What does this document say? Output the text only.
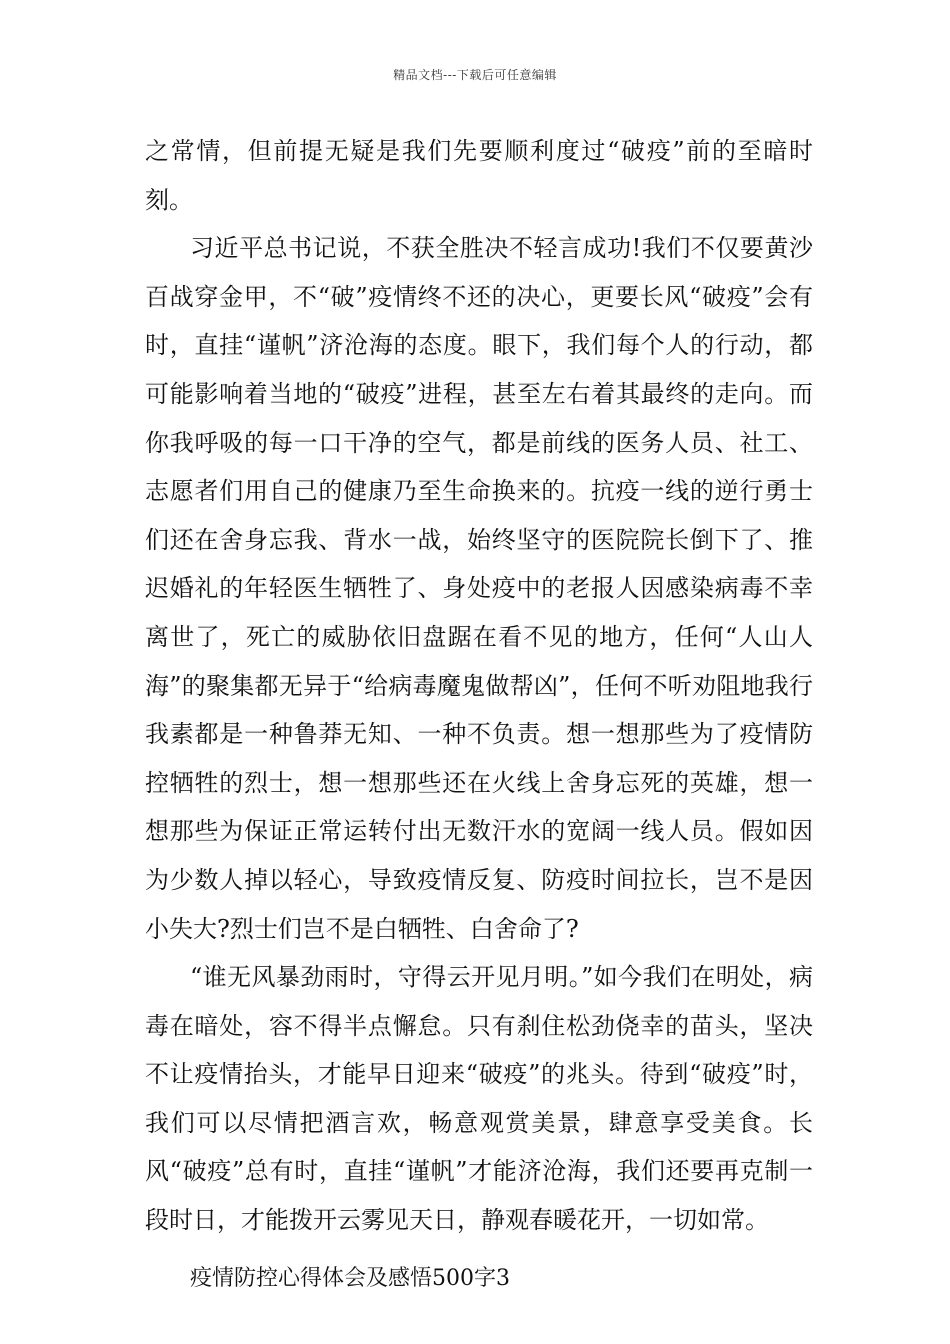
精品文档---下载后可任意编辑

之常情，但前提无疑是我们先要顺利度过“破疫”前的至暗时刻。

习近平总书记说，不获全胜决不轻言成功!我们不仅要黄沙百战穿金甲，不“破”疫情终不还的决心，更要长风“破疫”会有时，直挂“谨帆”济沧海的态度。眼下，我们每个人的行动，都可能影响着当地的“破疫”进程，甚至左右着其最终的走向。而你我呼吸的每一口干净的空气，都是前线的医务人员、社工、志愿者们用自己的健康乃至生命换来的。抗疫一线的逆行勇士们还在舍身忘我、背水一战，始终坚守的医院院长倒下了、推迟婚礼的年轻医生牺牲了、身处疫中的老报人因感染病毒不幸离世了，死亡的威胁依旧盘踞在看不见的地方，任何“人山人海”的聚集都无异于“给病毒魔鬼做帮凶”，任何不听劝阻地我行我素都是一种鲁莽无知、一种不负责。想一想那些为了疫情防控牺牲的烈士，想一想那些还在火线上舍身忘死的英雄，想一想那些为保证正常运转付出无数汗水的宽阔一线人员。假如因为少数人掉以轻心，导致疫情反复、防疫时间拉长，岂不是因小失大?烈士们岂不是白牺牲、白舍命了?

“谁无风暴劲雨时，守得云开见月明。”如今我们在明处，病毒在暗处，容不得半点懈怠。只有刹住松劲侥幸的苗头，坚决不让疫情抬头，才能早日迎来“破疫”的兆头。待到“破疫”时，我们可以尽情把酒言欢，畅意观赏美景，肆意享受美食。长风“破疫”总有时，直挂“谨帆”才能济沧海，我们还要再克制一段时日，才能拨开云雾见天日，静观春暖花开，一切如常。

疫情防控心得体会及感悟500字3
